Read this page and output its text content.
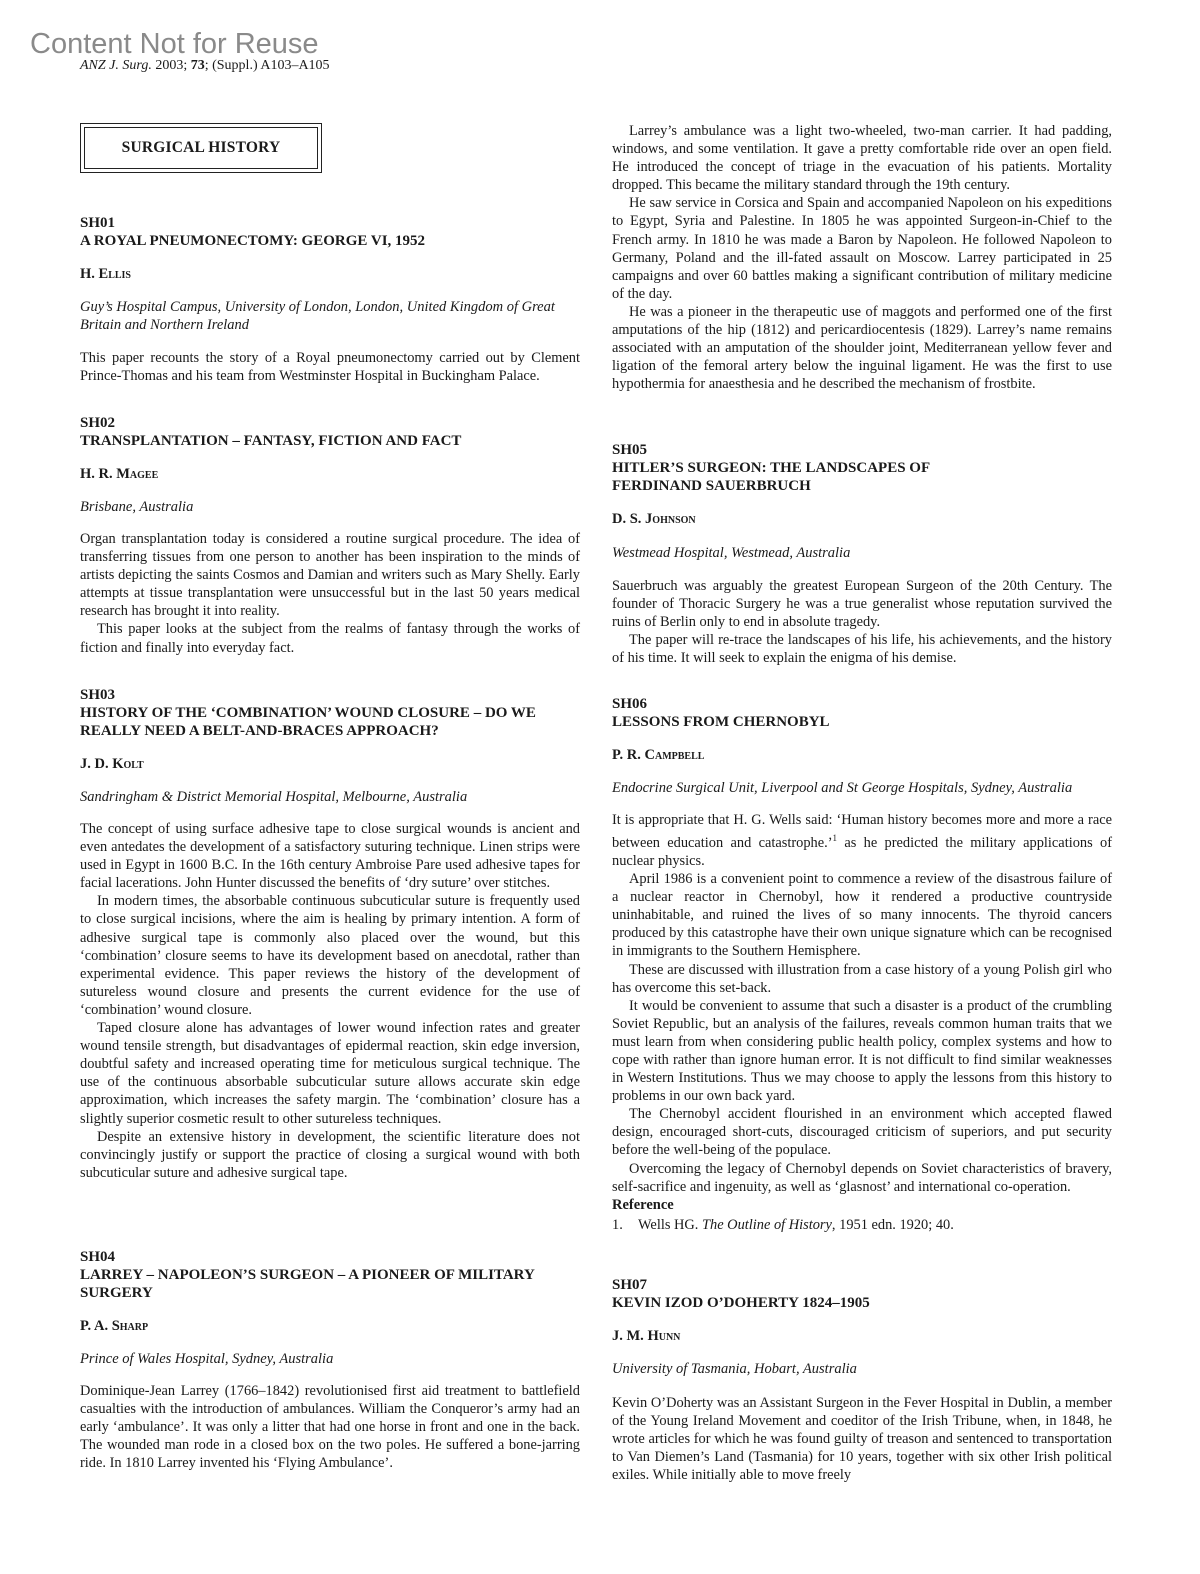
Content Not for Reuse
ANZ J. Surg. 2003; 73; (Suppl.) A103–A105
SURGICAL HISTORY

SH01

A ROYAL PNEUMONECTOMY: GEORGE VI, 1952

H. Ellis

Guy’s Hospital Campus, University of London, London, United Kingdom of Great Britain and Northern Ireland

This paper recounts the story of a Royal pneumonectomy carried out by Clement Prince-Thomas and his team from Westminster Hospital in Buckingham Palace.

SH02

TRANSPLANTATION – FANTASY, FICTION AND FACT

H. R. Magee

Brisbane, Australia

Organ transplantation today is considered a routine surgical procedure. The idea of transferring tissues from one person to another has been inspiration to the minds of artists depicting the saints Cosmos and Damian and writers such as Mary Shelly. Early attempts at tissue transplantation were unsuccessful but in the last 50 years medical research has brought it into reality.

This paper looks at the subject from the realms of fantasy through the works of fiction and finally into everyday fact.

SH03

HISTORY OF THE ‘COMBINATION’ WOUND CLOSURE – DO WE REALLY NEED A BELT-AND-BRACES APPROACH?

J. D. Kolt

Sandringham & District Memorial Hospital, Melbourne, Australia

The concept of using surface adhesive tape to close surgical wounds is ancient and even antedates the development of a satisfactory suturing technique. Linen strips were used in Egypt in 1600 B.C. In the 16th century Ambroise Pare used adhesive tapes for facial lacerations. John Hunter discussed the benefits of ‘dry suture’ over stitches.

In modern times, the absorbable continuous subcuticular suture is frequently used to close surgical incisions, where the aim is healing by primary intention. A form of adhesive surgical tape is commonly also placed over the wound, but this ‘combination’ closure seems to have its development based on anecdotal, rather than experimental evidence. This paper reviews the history of the development of sutureless wound closure and presents the current evidence for the use of ‘combination’ wound closure.

Taped closure alone has advantages of lower wound infection rates and greater wound tensile strength, but disadvantages of epidermal reaction, skin edge inversion, doubtful safety and increased operating time for meticulous surgical technique. The use of the continuous absorbable subcuticular suture allows accurate skin edge approximation, which increases the safety margin. The ‘combination’ closure has a slightly superior cosmetic result to other sutureless techniques.

Despite an extensive history in development, the scientific literature does not convincingly justify or support the practice of closing a surgical wound with both subcuticular suture and adhesive surgical tape.

SH04

LARREY – NAPOLEON’S SURGEON – A PIONEER OF MILITARY SURGERY

P. A. Sharp

Prince of Wales Hospital, Sydney, Australia

Dominique-Jean Larrey (1766–1842) revolutionised first aid treatment to battlefield casualties with the introduction of ambulances. William the Conqueror’s army had an early ‘ambulance’. It was only a litter that had one horse in front and one in the back. The wounded man rode in a closed box on the two poles. He suffered a bone-jarring ride. In 1810 Larrey invented his ‘Flying Ambulance’.

Larrey’s ambulance was a light two-wheeled, two-man carrier. It had padding, windows, and some ventilation. It gave a pretty comfortable ride over an open field. He introduced the concept of triage in the evacuation of his patients. Mortality dropped. This became the military standard through the 19th century.

He saw service in Corsica and Spain and accompanied Napoleon on his expeditions to Egypt, Syria and Palestine. In 1805 he was appointed Surgeon-in-Chief to the French army. In 1810 he was made a Baron by Napoleon. He followed Napoleon to Germany, Poland and the ill-fated assault on Moscow. Larrey participated in 25 campaigns and over 60 battles making a significant contribution of military medicine of the day.

He was a pioneer in the therapeutic use of maggots and performed one of the first amputations of the hip (1812) and pericardiocentesis (1829). Larrey’s name remains associated with an amputation of the shoulder joint, Mediterranean yellow fever and ligation of the femoral artery below the inguinal ligament. He was the first to use hypothermia for anaesthesia and he described the mechanism of frostbite.

SH05

HITLER’S SURGEON: THE LANDSCAPES OF FERDINAND SAUERBRUCH

D. S. Johnson

Westmead Hospital, Westmead, Australia

Sauerbruch was arguably the greatest European Surgeon of the 20th Century. The founder of Thoracic Surgery he was a true generalist whose reputation survived the ruins of Berlin only to end in absolute tragedy.

The paper will re-trace the landscapes of his life, his achievements, and the history of his time. It will seek to explain the enigma of his demise.

SH06

LESSONS FROM CHERNOBYL

P. R. Campbell

Endocrine Surgical Unit, Liverpool and St George Hospitals, Sydney, Australia

It is appropriate that H. G. Wells said: ‘Human history becomes more and more a race between education and catastrophe.’$^1$ as he predicted the military applications of nuclear physics.

April 1986 is a convenient point to commence a review of the disastrous failure of a nuclear reactor in Chernobyl, how it rendered a productive countryside uninhabitable, and ruined the lives of so many innocents. The thyroid cancers produced by this catastrophe have their own unique signature which can be recognised in immigrants to the Southern Hemisphere.

These are discussed with illustration from a case history of a young Polish girl who has overcome this set-back.

It would be convenient to assume that such a disaster is a product of the crumbling Soviet Republic, but an analysis of the failures, reveals common human traits that we must learn from when considering public health policy, complex systems and how to cope with rather than ignore human error. It is not difficult to find similar weaknesses in Western Institutions. Thus we may choose to apply the lessons from this history to problems in our own back yard.

The Chernobyl accident flourished in an environment which accepted flawed design, encouraged short-cuts, discouraged criticism of superiors, and put security before the well-being of the populace.

Overcoming the legacy of Chernobyl depends on Soviet characteristics of bravery, self-sacrifice and ingenuity, as well as ‘glasnost’ and international co-operation.

Reference

1. Wells HG. The Outline of History, 1951 edn. 1920; 40.

SH07

KEVIN IZOD O’DOHERTY 1824–1905

J. M. Hunn

University of Tasmania, Hobart, Australia

Kevin O’Doherty was an Assistant Surgeon in the Fever Hospital in Dublin, a member of the Young Ireland Movement and coeditor of the Irish Tribune, when, in 1848, he wrote articles for which he was found guilty of treason and sentenced to transportation to Van Diemen’s Land (Tasmania) for 10 years, together with six other Irish political exiles. While initially able to move freely
